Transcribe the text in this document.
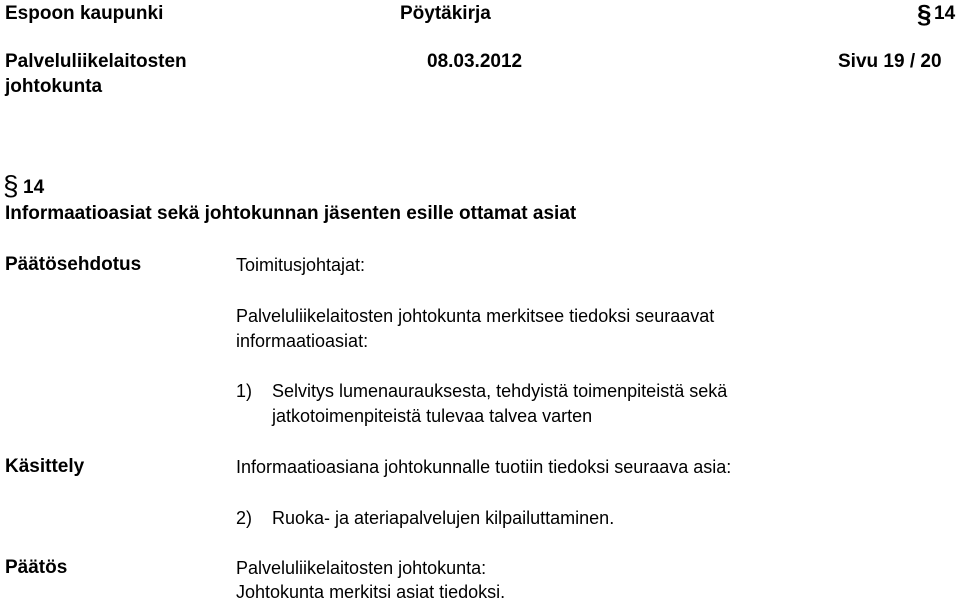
Espoon kaupunki	Pöytäkirja	§ 14
Palveluliikelaitosten
johtokunta
08.03.2012	Sivu 19 / 20
§ 14
Informaatioasiat sekä johtokunnan jäsenten esille ottamat asiat
Päätösehdotus	Toimitusjohtajat:
Palveluliikelaitosten johtokunta merkitsee tiedoksi seuraavat
informaatioasiat:
1) Selvitys lumenaurauksesta, tehdyistä toimenpiteistä sekä
jatkotoimenpiteistä tulevaa talvea varten
Käsittely	Informaatioasiana johtokunnalle tuotiin tiedoksi seuraava asia:
2) Ruoka- ja ateriapalvelujen kilpailuttaminen.
Päätös	Palveluliikelaitosten johtokunta:
Johtokunta merkitsi asiat tiedoksi.
